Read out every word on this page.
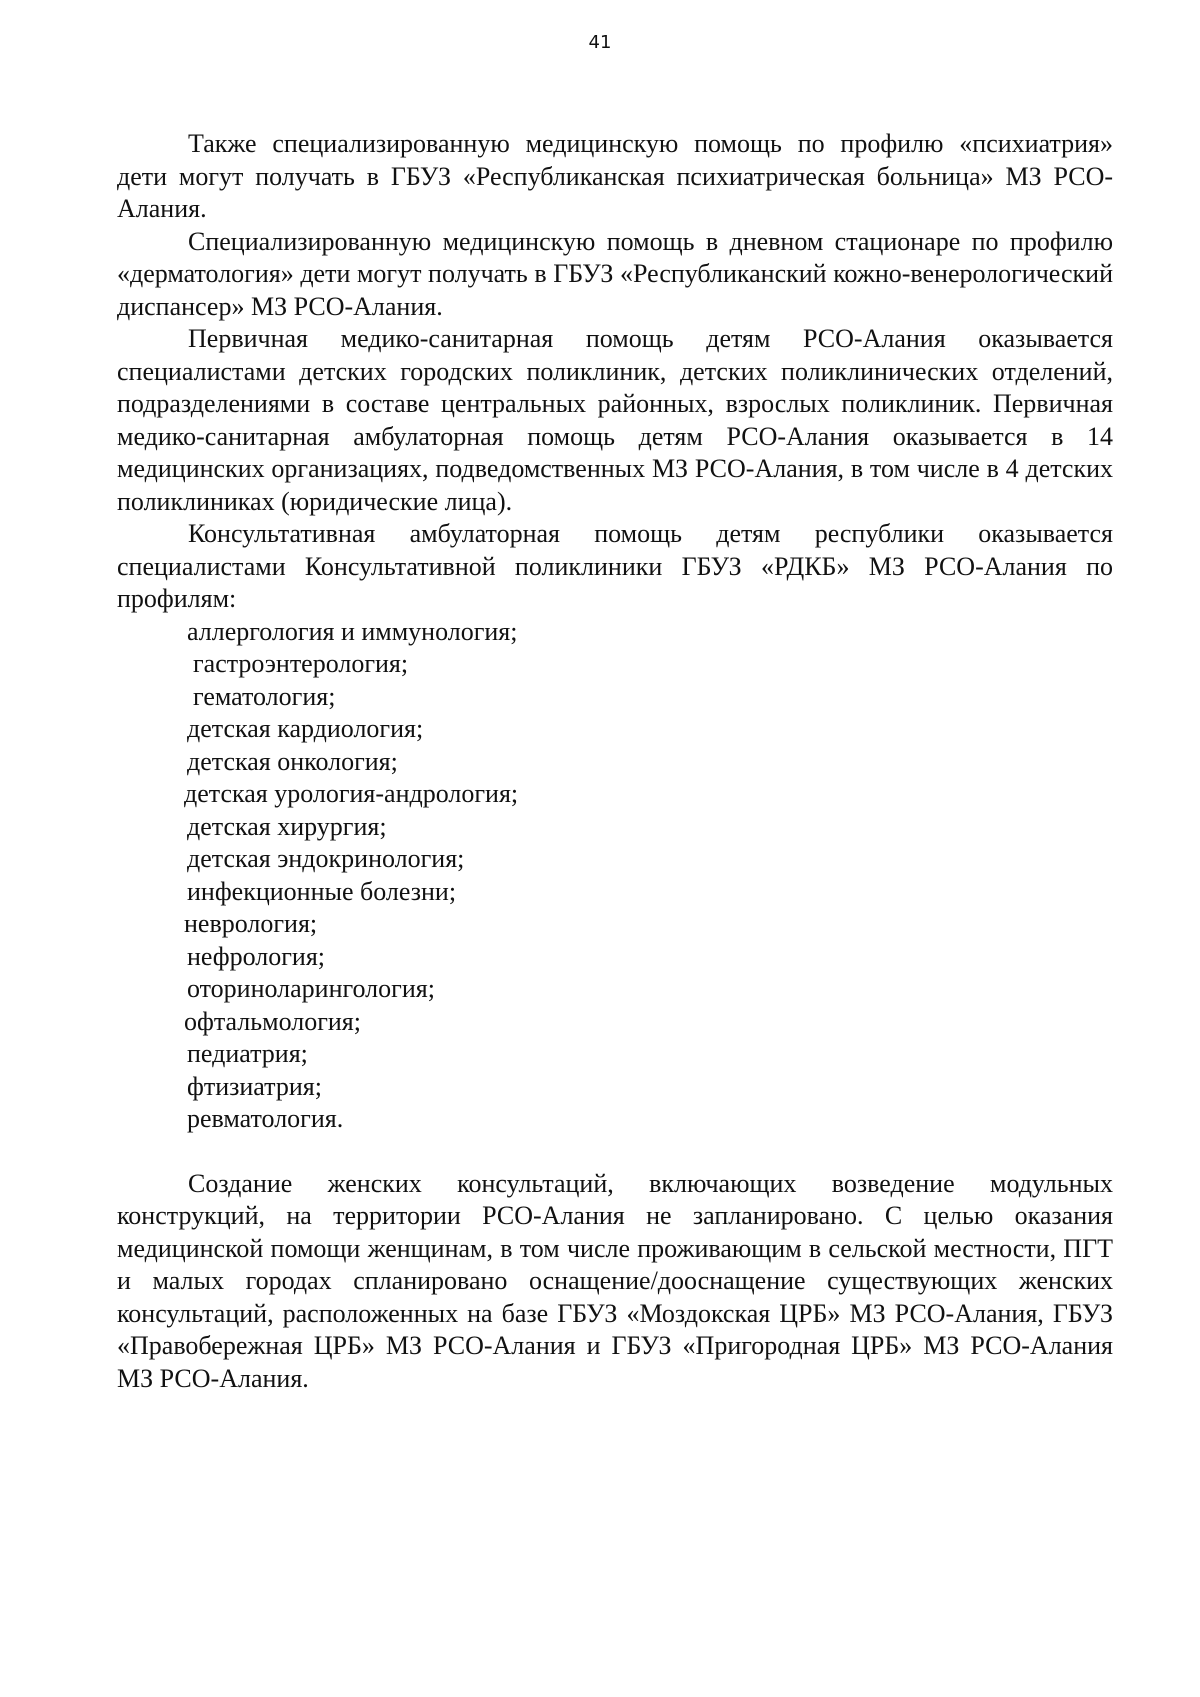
41

Также специализированную медицинскую помощь по профилю «психиатрия» дети могут получать в ГБУЗ «Республиканская психиатрическая больница» МЗ РСО-Алания.

Специализированную медицинскую помощь в дневном стационаре по профилю «дерматология» дети могут получать в ГБУЗ «Республиканский кожно-венерологический диспансер» МЗ РСО-Алания.

Первичная медико-санитарная помощь детям РСО-Алания оказывается специалистами детских городских поликлиник, детских поликлинических отделений, подразделениями в составе центральных районных, взрослых поликлиник. Первичная медико-санитарная амбулаторная помощь детям РСО-Алания оказывается в 14 медицинских организациях, подведомственных МЗ РСО-Алания, в том числе в 4 детских поликлиниках (юридические лица).

Консультативная амбулаторная помощь детям республики оказывается специалистами Консультативной поликлиники ГБУЗ «РДКБ» МЗ РСО-Алания по профилям:

аллергология и иммунология;
гастроэнтерология;
гематология;
детская кардиология;
детская онкология;
детская урология-андрология;
детская хирургия;
детская эндокринология;
инфекционные болезни;
неврология;
нефрология;
оториноларингология;
офтальмология;
педиатрия;
фтизиатрия;
ревматология.

Создание женских консультаций, включающих возведение модульных конструкций, на территории РСО-Алания не запланировано. С целью оказания медицинской помощи женщинам, в том числе проживающим в сельской местности, ПГТ и малых городах спланировано оснащение/дооснащение существующих женских консультаций, расположенных на базе ГБУЗ «Моздокская ЦРБ» МЗ РСО-Алания, ГБУЗ «Правобережная ЦРБ» МЗ РСО-Алания и ГБУЗ «Пригородная ЦРБ» МЗ РСО-Алания МЗ РСО-Алания.
